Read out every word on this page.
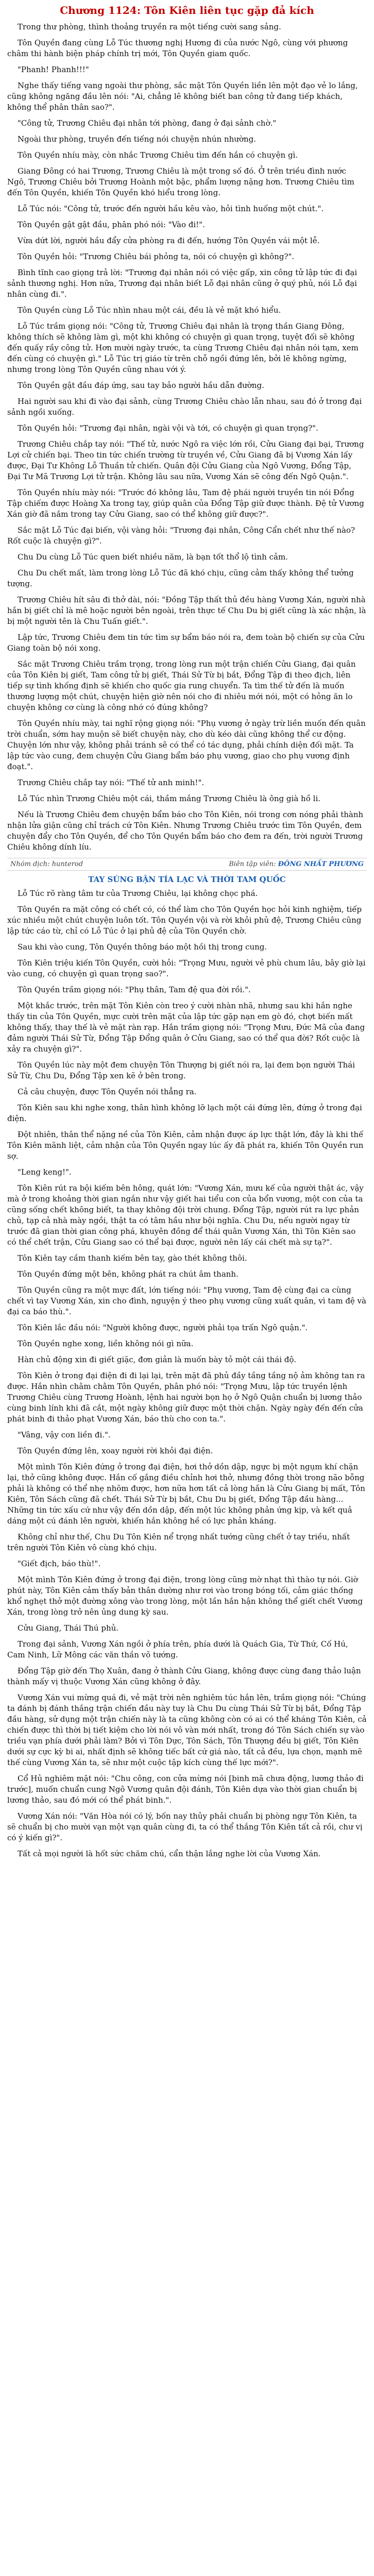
Chương 1124: Tôn Kiên liên tục gặp đả kích

Trong thư phòng, thình thoảng truyền ra một tiếng cười sang sảng.

Tôn Quyền đang cùng Lỗ Túc thương nghị Hương đi của nước Ngô, cùng với phương châm thi hành biện pháp chính trị mới, Tôn Quyền giam quốc.

"Phanh! Phanh!!!"

Nghe thấy tiếng vang ngoài thư phòng, sắc mặt Tôn Quyền liền lên một đạo vẻ lo lắng, cũng không ngăng đầu lên nói: "Ai, chẳng lẽ không biết ban công tử đang tiếp khách, không thể phân thân sao?".

"Công tử, Trương Chiêu đại nhân tới phòng, đang ở đại sảnh chờ."

Ngoài thư phòng, truyền đến tiếng nói chuyện nhún nhường.

Tôn Quyền nhíu mày, còn nhắc Trương Chiêu tìm đến hắn có chuyện gì.

Giang Đông có hai Trương, Trương Chiêu là một trong số đó. Ở trên triều đình nước Ngô, Trương Chiêu bởi Trương Hoành một bậc, phẩm lượng nặng hơn. Trương Chiêu tìm đến Tôn Quyền, khiến Tôn Quyền khó hiểu trong lòng.

Lỗ Túc nói: "Công tử, trước đến người hầu kêu vào, hỏi tình huống một chút.".

Tôn Quyền gật gật đầu, phân phó nói: "Vào đi!".

Vừa dứt lời, người hầu đẩy cửa phòng ra đi đến, hướng Tôn Quyền vái một lễ.

Tôn Quyền hỏi: "Trương Chiêu bái phỏng ta, nói có chuyện gì không?".

Bình tĩnh cao giọng trả lời: "Trương đại nhân nói có việc gấp, xin công tử lập tức đi đại sảnh thương nghị. Hơn nữa, Trương đại nhân biết Lỗ đại nhân cũng ở quý phủ, nói Lỗ đại nhân cùng đi.".

Tôn Quyền cùng Lỗ Túc nhìn nhau một cái, đều là vẻ mặt khó hiểu.

Lỗ Túc trầm giọng nói: "Công tử, Trương Chiêu đại nhân là trọng thần Giang Đông, không thích sẽ không làm gì, một khi không có chuyện gì quan trọng, tuyệt đối sẽ không đến quấy rầy công tử. Hơn mười ngày trước, ta cùng Trương Chiêu đại nhân nói tạm, xem đến cùng có chuyện gì." Lỗ Túc trị giáo từ trên chỗ ngồi đứng lên, bởi lẽ không ngừng, nhưng trong lòng Tôn Quyền cũng nhau với ý.

Tôn Quyền gật đầu đáp ứng, sau tay bảo người hầu dẫn đường.

Hai người sau khi đi vào đại sảnh, cùng Trương Chiêu chào lẫn nhau, sau đó ở trong đại sảnh ngồi xuống.

Tôn Quyền hỏi: "Trương đại nhân, ngài vội và tới, có chuyện gì quan trọng?".

Trương Chiêu chắp tay nói: "Thế tử, nước Ngô ra việc lớn rồi, Cửu Giang đại bại, Trương Lợi cử chiến bại. Theo tin tức chiến trường từ truyền về, Cửu Giang đã bị Vương Xán lấy được, Đại Tư Không Lỗ Thuần tử chiến. Quân đội Cửu Giang của Ngô Vương, Đổng Tập, Đại Tư Mã Trương Lợi tử trận. Không lâu sau nữa, Vương Xán sẽ công đến Ngô Quận.".

Tôn Quyền nhíu mày nói: "Trước đó không lâu, Tam đệ phái người truyền tin nói Đổng Tập chiếm được Hoàng Xa trong tay, giúp quân của Đổng Tập giữ được thành. Đệ tử Vương Xán giờ đã nắm trong tay Cửu Giang, sao có thể không giữ được?".

Sắc mặt Lỗ Túc đại biến, vội vàng hỏi: "Trương đại nhân, Công Cẩn chết như thế nào? Rốt cuộc là chuyện gì?".

Chu Du cùng Lỗ Túc quen biết nhiều năm, là bạn tốt thổ lộ tình cảm.

Chu Du chết mất, làm trong lòng Lỗ Túc đã khó chịu, cũng cảm thấy không thể tưởng tượng.

Trương Chiêu hít sâu đi thở dài, nói: "Đồng Tập thất thủ đều hàng Vương Xán, người nhà hắn bị giết chỉ là mê hoặc người bên ngoài, trên thực tế Chu Du bị giết cũng là xác nhận, là bị một người tên là Chu Tuấn giết.".

Lập tức, Trương Chiêu đem tin tức tìm sự bẩm báo nói ra, đem toàn bộ chiến sự của Cửu Giang toàn bộ nói xong.

Sắc mặt Trương Chiêu trầm trọng, trong lòng run một trận chiến Cửu Giang, đại quân của Tôn Kiên bị giết, Tam công tử bị giết, Thái Sử Từ bị bắt, Đổng Tập đi theo địch, liên tiếp sự tình khống định sẽ khiến cho quốc gia rung chuyển. Ta tìm thế tử đến là muốn thương lượng một chút, chuyện hiện giờ nên nói cho đi nhiêu mới nói, một có hỏng ăn lo chuyện không cơ cùng là công nhớ có đúng không?

Tôn Quyền nhíu mày, tai nghĩ rộng giọng nói: "Phụ vương ở ngày trừ liền muốn đến quân trời chuẩn, sớm hay muộn sẽ biết chuyện này, cho dù kéo dài cũng không thể cư động. Chuyện lớn như vậy, không phải tránh sẽ có thể có tác dụng, phải chính diện đối mặt. Ta lập tức vào cung, đem chuyện Cửu Giang bẩm báo phụ vương, giao cho phụ vương định đoạt.".

Trương Chiêu chắp tay nói: "Thế tử anh minh!".

Lỗ Túc nhìn Trương Chiêu một cái, thầm mắng Trương Chiêu là ông già hồ li.

Nếu là Trương Chiêu đem chuyện bẩm báo cho Tôn Kiên, nói trong cơn nóng phải thành nhận lửa giận cũng chỉ trách cứ Tôn Kiên. Nhưng Trương Chiêu trước tìm Tôn Quyền, đem chuyện đẩy cho Tôn Quyền, để cho Tôn Quyền bẩm báo cho đem ra đến, trời người Trương Chiêu không dính líu.

Nhóm dịch: hunterod	Biên tập viên: ĐÔNG NHẤT PHƯƠNG
TAY SÚNG BẬN TÍA LẠC VÀ THỜI TAM QUỐC

Lỗ Túc rõ ràng tâm tư của Trương Chiêu, lại không chọc phá.

Tôn Quyền ra mặt công có chết có, có thể làm cho Tôn Quyền học hỏi kinh nghiệm, tiếp xúc nhiều một chút chuyện luôn tốt. Tôn Quyền vội và rời khỏi phủ đệ, Trương Chiêu cũng lập tức cáo từ, chỉ có Lỗ Túc ở lại phủ đệ của Tôn Quyền chờ.

Sau khi vào cung, Tôn Quyền thông báo một hồi thị trong cung.

Tôn Kiên triệu kiến Tôn Quyền, cười hỏi: "Trọng Mưu, người vẻ phù chum lâu, bây giờ lại vào cung, có chuyện gì quan trọng sao?".

Tôn Quyền trầm giọng nói: "Phụ thân, Tam đệ qua đời rồi.".

Một khắc trước, trên mặt Tôn Kiên còn treo ý cười nhàn nhã, nhưng sau khi hắn nghe thấy tin của Tôn Quyền, mực cười trên mặt của lập tức gặp nạn em gò đó, chợt biến mất không thấy, thay thế là vẻ mặt ràn rạp. Hắn trầm giọng nói: "Trọng Mưu, Đức Mã của đang đảm người Thái Sử Từ, Đổng Tập Đổng quân ở Cửu Giang, sao có thể qua đời? Rốt cuộc là xảy ra chuyện gì?".

Tôn Quyền lúc này một đem chuyện Tôn Thượng bị giết nói ra, lại đem bọn người Thái Sử Từ, Chu Du, Đổng Tập xen kẽ ở bên trong.

Cả câu chuyện, được Tôn Quyền nói thẳng ra.

Tôn Kiên sau khi nghe xong, thân hình không lỡ lạch một cái đứng lên, đứng ở trong đại điện.

Đột nhiên, thân thể nặng nề của Tôn Kiên, cảm nhận được áp lực thật lớn, đây là khi thế Tôn Kiên mãnh liệt, cảm nhận của Tôn Quyền ngay lúc ấy đã phát ra, khiến Tôn Quyền run sợ.

"Leng keng!".

Tôn Kiên rút ra bội kiếm bên hông, quát lớn: "Vương Xán, mưu kế của người thật ác, vậy mà ở trong khoảng thời gian ngắn như vậy giết hai tiểu con của bổn vương, một con của ta cũng sống chết không biết, ta thay không đội trời chung. Đổng Tập, người rút ra lực phản chủ, tạp cả nhà mày ngồi, thật ta có tâm hầu như bội nghĩa. Chu Du, nếu người ngay từ trước đã gian thời gian công phá, khuyên đồng để thái quân Vương Xán, thì Tôn Kiên sao có thể chết trận, Cửu Giang sao có thể bại được, người nên lấy cái chết mà sự tạ?".

Tôn Kiên tay cầm thanh kiếm bên tay, gào thét không thôi.

Tôn Quyền đứng một bên, không phát ra chút âm thanh.

Tôn Quyền cũng ra một mực đất, lớn tiếng nói: "Phụ vương, Tam đệ cùng đại ca cùng chết vì tay Vương Xán, xin cho đình, nguyện ý theo phụ vương cũng xuất quân, vì tam đệ và đại ca báo thù.".

Tôn Kiên lắc đầu nói: "Người không được, người phải tọa trấn Ngô quận.".

Tôn Quyền nghe xong, liền không nói gì nữa.

Hàn chủ động xin đi giết giặc, đơn giản là muốn bày tỏ một cái thái độ.

Tôn Kiên ở trong đại điện đi đi lại lại, trên mặt đã phủ đầy tầng tầng nộ ảm không tan ra được. Hắn nhìn chằm chằm Tôn Quyền, phân phó nói: "Trọng Mưu, lập tức truyền lệnh Trương Chiêu cùng Trương Hoành, lệnh hai người bọn họ ở Ngô Quận chuẩn bị lương thảo cùng binh lính khi đã cắt, một ngày không giữ được một thời chặn. Ngày ngày đến đến cửa phát binh đi thảo phạt Vương Xán, báo thù cho con ta.".

"Vâng, vậy con liền đi.".

Tôn Quyền đứng lên, xoay người rời khỏi đại điện.

Một mình Tôn Kiên đứng ở trong đại điện, hơi thở dồn dập, ngực bị một ngụm khí chặn lại, thở cũng không được. Hắn cố gắng điều chỉnh hơi thở, nhưng đồng thời trong não bỗng phải là không có thể nhẹ nhõm được, hơn nữa hơn tất cả lòng hắn là Cửu Giang bị mất, Tôn Kiên, Tôn Sách cũng đã chết. Thái Sử Từ bị bắt, Chu Du bị giết, Đổng Tập đầu hàng... Những tin tức xấu cứ như vậy đến dồn dập, đến một lúc không phản ứng kịp, và kết quả dáng một cú đánh lên người, khiến hắn không hề có lực phản kháng.

Không chỉ như thế, Chu Du Tôn Kiên nể trọng nhất tướng cũng chết ở tay triều, nhất trên người Tôn Kiên vô cùng khó chịu.

"Giết địch, báo thù!".

Một mình Tôn Kiên đứng ở trong đại điện, trong lòng cũng mờ nhạt thì thào tự nói. Giờ phút này, Tôn Kiên cảm thấy bản thân dường như rơi vào trong bóng tối, cảm giác thống khổ nghẹt thở một đường xông vào trong lòng, một lần hắn hận không thể giết chết Vương Xán, trong lòng trở nên ủng dung kỳ sau.

Cửu Giang, Thái Thú phủ.

Trong đại sảnh, Vương Xán ngồi ở phía trên, phía dưới là Quách Gia, Từ Thứ, Cố Hú, Cam Ninh, Lữ Mông các văn thần võ tướng.

Đổng Tập giờ đến Thọ Xuân, đang ở thành Cửu Giang, không được cùng đang thảo luận thành mấy vị thuộc Vương Xán cũng không ở đây.

Vương Xán vui mừng quá đi, vẻ mặt trời nên nghiêm túc hắn lên, trầm giọng nói: "Chúng ta đánh bị đánh thắng trận chiến đầu này tuy là Chu Du cùng Thái Sử Từ bị bắt, Đổng Tập đầu hàng, sử dụng một trận chiến này là ta cũng không còn có ai có thể kháng Tôn Kiên, cả chiến được thì thời bị tiết kiệm cho lời nói vô vàn mới nhất, trong đó Tôn Sách chiến sự vào triều vạn phía dưới phải làm? Bởi vì Tôn Dực, Tôn Sách, Tôn Thượng đều bị giết, Tôn Kiên dưới sự cực kỳ bi ai, nhất định sẽ không tiếc bất cứ giá nào, tất cả đều, lựa chọn, mạnh mẽ thế cùng Vương Xán ta, sẽ như một cuộc tập kích cùng thế lực mới?".

Cổ Hủ nghiêm mặt nói: "Chu công, con cửa mừng nói [binh mã chưa động, lương thảo đi trước], muốn chuẩn cung Ngô Vương quân đội đánh, Tôn Kiên dựa vào thời gian chuẩn bị lương thảo, sau đó mới có thể phát binh.".

Vương Xán nói: "Văn Hòa nói có lý, bốn nay thủy phải chuẩn bị phòng ngự Tôn Kiên, ta sẽ chuẩn bị cho mười vạn một vạn quân cùng đi, ta có thể thắng Tôn Kiên tất cả rồi, chư vị có ý kiến gì?".

Tất cả mọi người là hốt sức chăm chú, cẩn thận lắng nghe lời của Vương Xán.
